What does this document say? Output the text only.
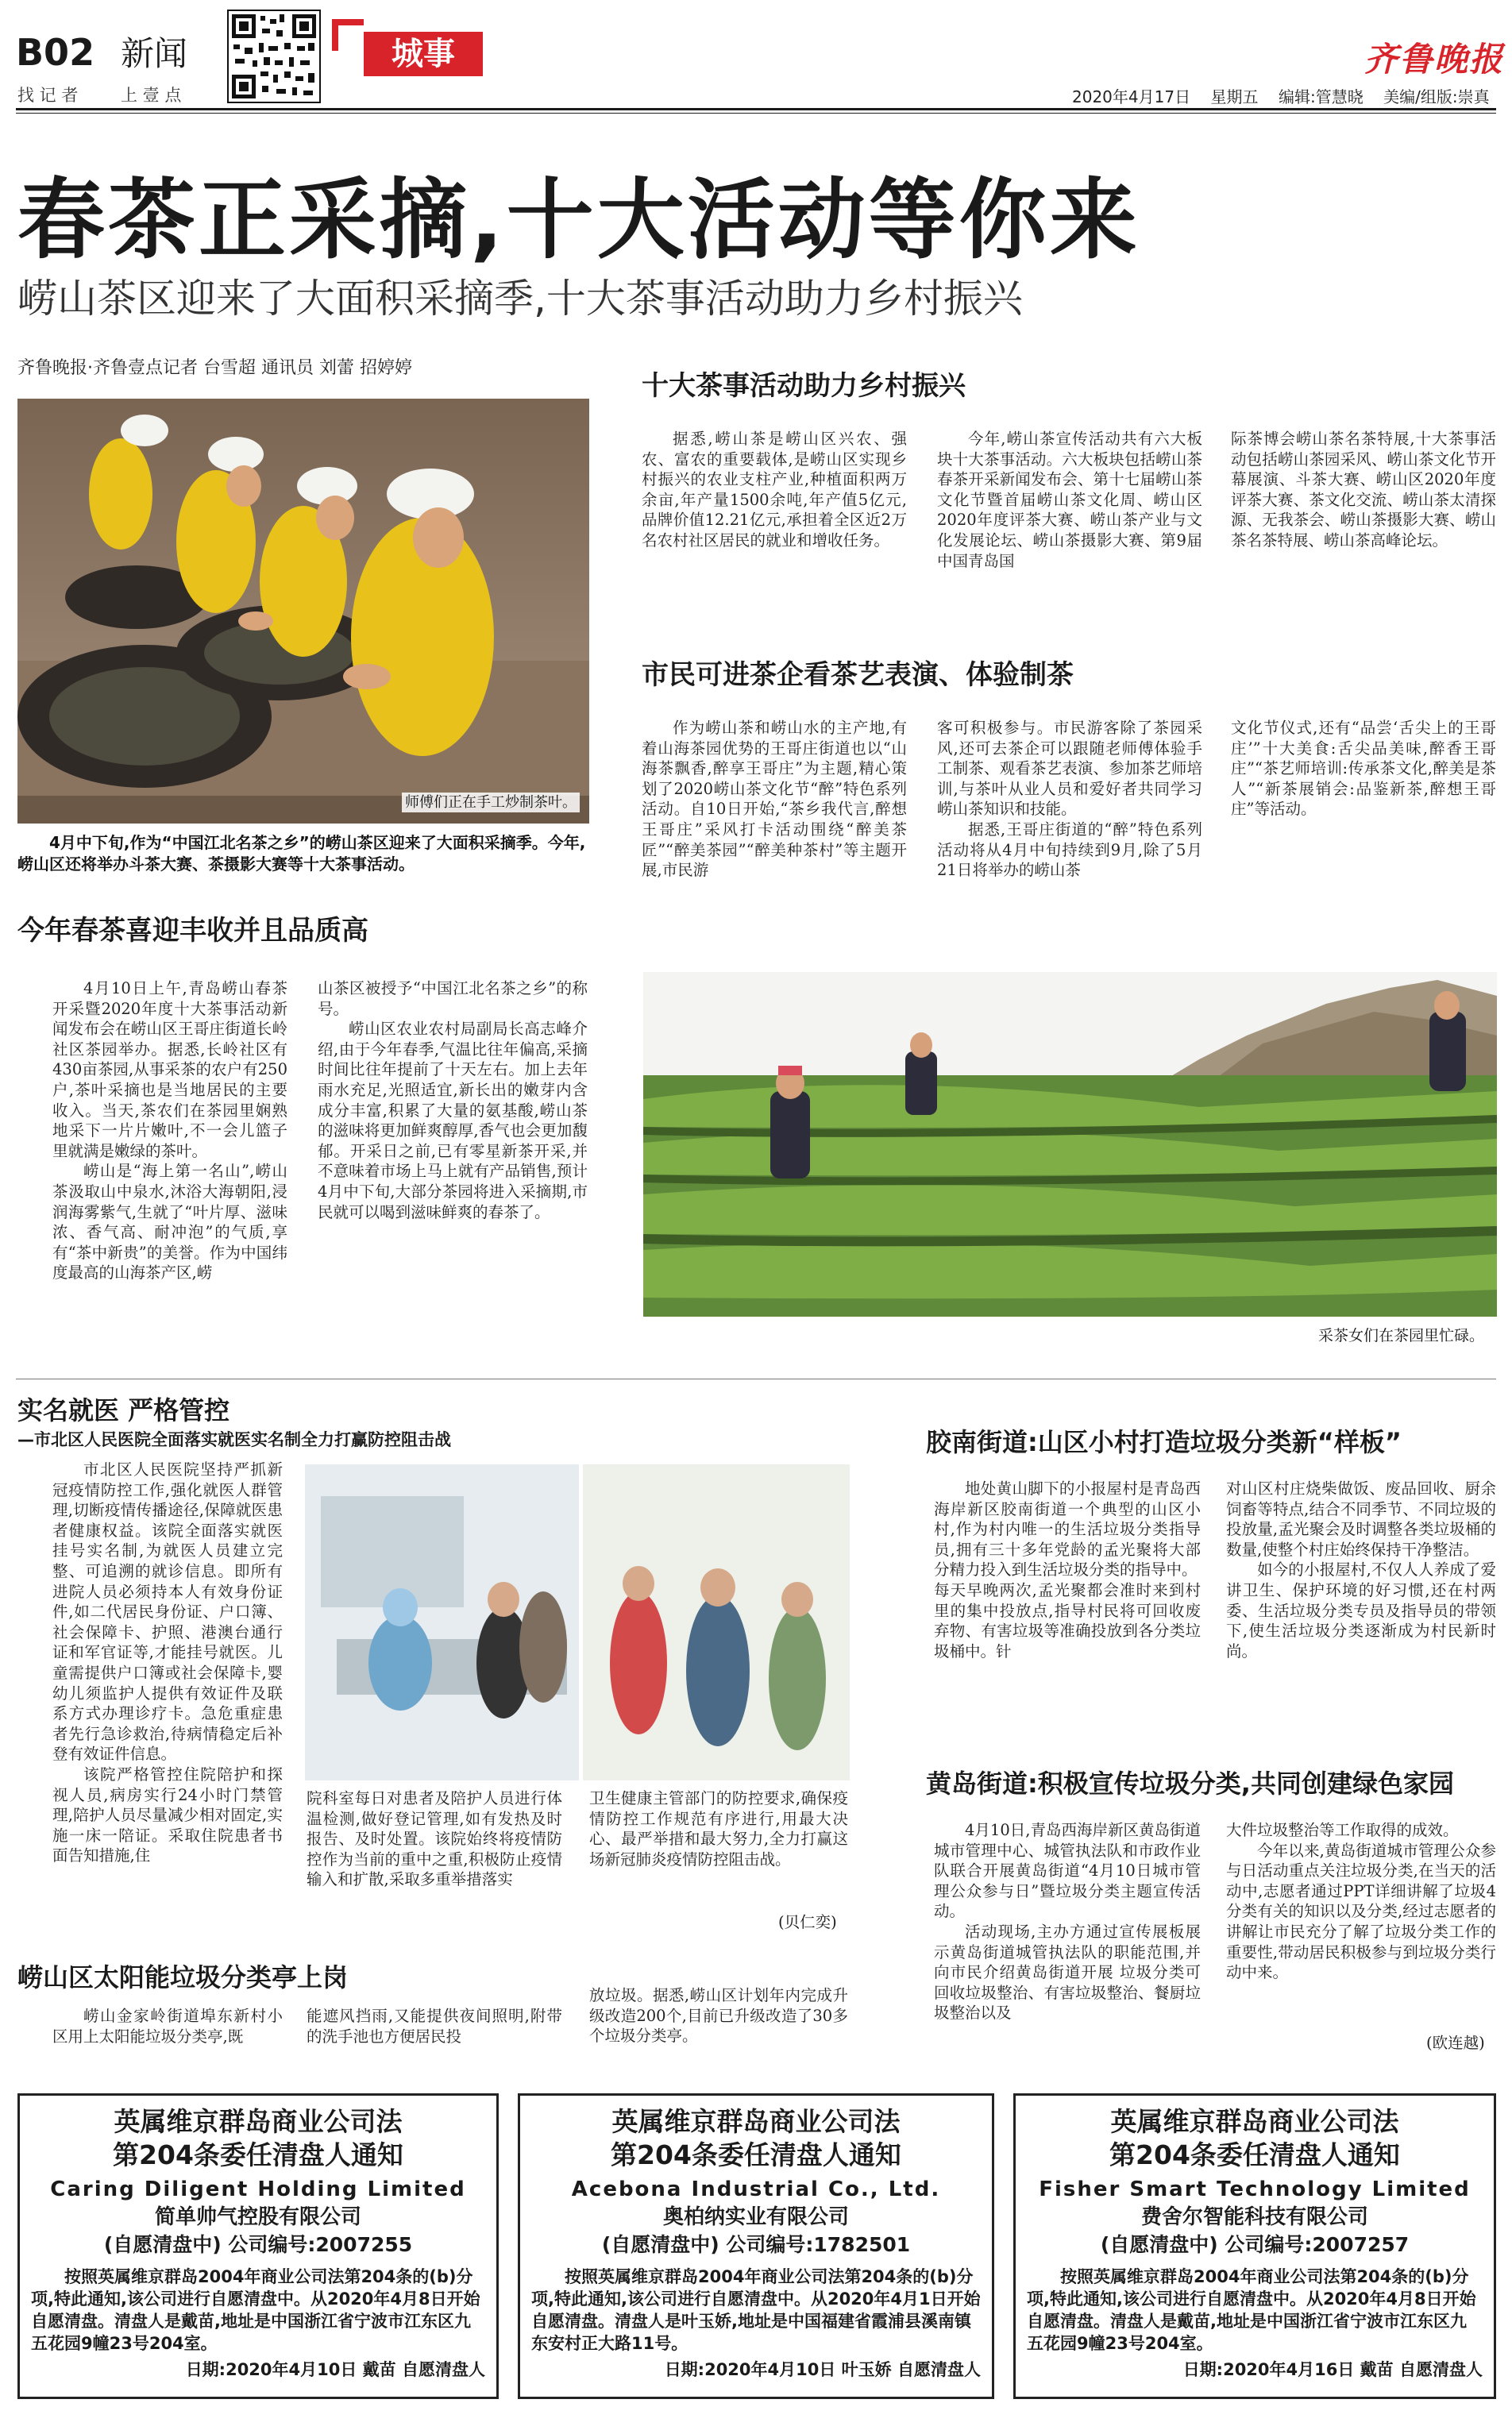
B02 新闻
找 记 者	上 壹 点
城事	齐鲁晚报
2020年4月17日 星期五 编辑:管慧晓 美编/组版:崇真
春茶正采摘,十大活动等你来
崂山茶区迎来了大面积采摘季,十大茶事活动助力乡村振兴
齐鲁晚报·齐鲁壹点记者 台雪超 通讯员 刘蕾 招婷婷
师傅们正在手工炒制茶叶。
4月中下旬,作为“中国江北名茶之乡”的崂山茶区迎来了大面积采摘季。今年,崂山区还将举办斗茶大赛、茶摄影大赛等十大茶事活动。
十大茶事活动助力乡村振兴

据悉,崂山茶是崂山区兴农、强农、富农的重要载体,是崂山区实现乡村振兴的农业支柱产业,种植面积两万余亩,年产量1500余吨,年产值5亿元,品牌价值12.21亿元,承担着全区近2万名农村社区居民的就业和增收任务。

今年,崂山茶宣传活动共有六大板块十大茶事活动。六大板块包括崂山茶春茶开采新闻发布会、第十七届崂山茶文化节暨首届崂山茶文化周、崂山区2020年度评茶大赛、崂山茶产业与文化发展论坛、崂山茶摄影大赛、第9届中国青岛国

际茶博会崂山茶名茶特展,十大茶事活动包括崂山茶园采风、崂山茶文化节开幕展演、斗茶大赛、崂山区2020年度评茶大赛、茶文化交流、崂山茶太清探源、无我茶会、崂山茶摄影大赛、崂山茶名茶特展、崂山茶高峰论坛。

市民可进茶企看茶艺表演、体验制茶

作为崂山茶和崂山水的主产地,有着山海茶园优势的王哥庄街道也以“山海茶飘香,醉享王哥庄”为主题,精心策划了2020崂山茶文化节“醉”特色系列活动。自10日开始,“茶乡我代言,醉想王哥庄”采风打卡活动围绕“醉美茶匠”“醉美茶园”“醉美种茶村”等主题开展,市民游

客可积极参与。市民游客除了茶园采风,还可去茶企可以跟随老师傅体验手工制茶、观看茶艺表演、参加茶艺师培训,与茶叶从业人员和爱好者共同学习崂山茶知识和技能。

据悉,王哥庄街道的“醉”特色系列活动将从4月中旬持续到9月,除了5月21日将举办的崂山茶

文化节仪式,还有“品尝‘舌尖上的王哥庄’”十大美食:舌尖品美味,醉香王哥庄”“茶艺师培训:传承茶文化,醉美是茶人”“新茶展销会:品鉴新茶,醉想王哥庄”等活动。

今年春茶喜迎丰收并且品质高

4月10日上午,青岛崂山春茶开采暨2020年度十大茶事活动新闻发布会在崂山区王哥庄街道长岭社区茶园举办。据悉,长岭社区有430亩茶园,从事采茶的农户有250户,茶叶采摘也是当地居民的主要收入。当天,茶农们在茶园里娴熟地采下一片片嫩叶,不一会儿篮子里就满是嫩绿的茶叶。

崂山是“海上第一名山”,崂山茶汲取山中泉水,沐浴大海朝阳,浸润海雾紫气,生就了“叶片厚、滋味浓、香气高、耐冲泡”的气质,享有“茶中新贵”的美誉。作为中国纬度最高的山海茶产区,崂

山茶区被授予“中国江北名茶之乡”的称号。

崂山区农业农村局副局长高志峰介绍,由于今年春季,气温比往年偏高,采摘时间比往年提前了十天左右。加上去年雨水充足,光照适宜,新长出的嫩芽内含成分丰富,积累了大量的氨基酸,崂山茶的滋味将更加鲜爽醇厚,香气也会更加馥郁。开采日之前,已有零星新茶开采,并不意味着市场上马上就有产品销售,预计4月中下旬,大部分茶园将进入采摘期,市民就可以喝到滋味鲜爽的春茶了。

采茶女们在茶园里忙碌。
实名就医 严格管控
—市北区人民医院全面落实就医实名制全力打赢防控阻击战

市北区人民医院坚持严抓新冠疫情防控工作,强化就医人群管理,切断疫情传播途径,保障就医患者健康权益。该院全面落实就医挂号实名制,为就医人员建立完整、可追溯的就诊信息。即所有进院人员必须持本人有效身份证件,如二代居民身份证、户口簿、社会保障卡、护照、港澳台通行证和军官证等,才能挂号就医。儿童需提供户口簿或社会保障卡,婴幼儿须监护人提供有效证件及联系方式办理诊疗卡。急危重症患者先行急诊救治,待病情稳定后补登有效证件信息。

该院严格管控住院陪护和探视人员,病房实行24小时门禁管理,陪护人员尽量减少相对固定,实施一床一陪证。采取住院患者书面告知措施,住

院科室每日对患者及陪护人员进行体温检测,做好登记管理,如有发热及时报告、及时处置。该院始终将疫情防控作为当前的重中之重,积极防止疫情输入和扩散,采取多重举措落实

卫生健康主管部门的防控要求,确保疫情防控工作规范有序进行,用最大决心、最严举措和最大努力,全力打赢这场新冠肺炎疫情防控阻击战。

(贝仁奕)
崂山区太阳能垃圾分类亭上岗

崂山金家岭街道埠东新村小区用上太阳能垃圾分类亭,既

能遮风挡雨,又能提供夜间照明,附带的洗手池也方便居民投

放垃圾。据悉,崂山区计划年内完成升级改造200个,目前已升级改造了30多个垃圾分类亭。

胶南街道:山区小村打造垃圾分类新“样板”

地处黄山脚下的小报屋村是青岛西海岸新区胶南街道一个典型的山区小村,作为村内唯一的生活垃圾分类指导员,拥有三十多年党龄的孟光聚将大部分精力投入到生活垃圾分类的指导中。

每天早晚两次,孟光聚都会准时来到村里的集中投放点,指导村民将可回收废弃物、有害垃圾等准确投放到各分类垃圾桶中。针

对山区村庄烧柴做饭、废品回收、厨余饲畜等特点,结合不同季节、不同垃圾的投放量,孟光聚会及时调整各类垃圾桶的数量,使整个村庄始终保持干净整洁。

如今的小报屋村,不仅人人养成了爱讲卫生、保护环境的好习惯,还在村两委、生活垃圾分类专员及指导员的带领下,使生活垃圾分类逐渐成为村民新时尚。

黄岛街道:积极宣传垃圾分类,共同创建绿色家园

4月10日,青岛西海岸新区黄岛街道城市管理中心、城管执法队和市政作业队联合开展黄岛街道“4月10日城市管理公众参与日”暨垃圾分类主题宣传活动。

活动现场,主办方通过宣传展板展示黄岛街道城管执法队的职能范围,并向市民介绍黄岛街道开展 垃圾分类可回收垃圾整治、有害垃圾整治、餐厨垃圾整治以及

大件垃圾整治等工作取得的成效。

今年以来,黄岛街道城市管理公众参与日活动重点关注垃圾分类,在当天的活动中,志愿者通过PPT详细讲解了垃圾4分类有关的知识以及分类,经过志愿者的讲解让市民充分了解了垃圾分类工作的重要性,带动居民积极参与到垃圾分类行动中来。

(欧连越)
英属维京群岛商业公司法
第204条委任清盘人通知
Caring Diligent Holding Limited
简单帅气控股有限公司
(自愿清盘中) 公司编号:2007255
按照英属维京群岛2004年商业公司法第204条的(b)分项,特此通知,该公司进行自愿清盘中。从2020年4月8日开始自愿清盘。清盘人是戴苗,地址是中国浙江省宁波市江东区九五花园9幢23号204室。
日期:2020年4月10日 戴苗 自愿清盘人
英属维京群岛商业公司法
第204条委任清盘人通知
Acebona Industrial Co., Ltd.
奥柏纳实业有限公司
(自愿清盘中) 公司编号:1782501
按照英属维京群岛2004年商业公司法第204条的(b)分项,特此通知,该公司进行自愿清盘中。从2020年4月1日开始自愿清盘。清盘人是叶玉娇,地址是中国福建省霞浦县溪南镇东安村正大路11号。
日期:2020年4月10日 叶玉娇 自愿清盘人
英属维京群岛商业公司法
第204条委任清盘人通知
Fisher Smart Technology Limited
费舍尔智能科技有限公司
(自愿清盘中) 公司编号:2007257
按照英属维京群岛2004年商业公司法第204条的(b)分项,特此通知,该公司进行自愿清盘中。从2020年4月8日开始自愿清盘。清盘人是戴苗,地址是中国浙江省宁波市江东区九五花园9幢23号204室。
日期:2020年4月16日 戴苗 自愿清盘人
